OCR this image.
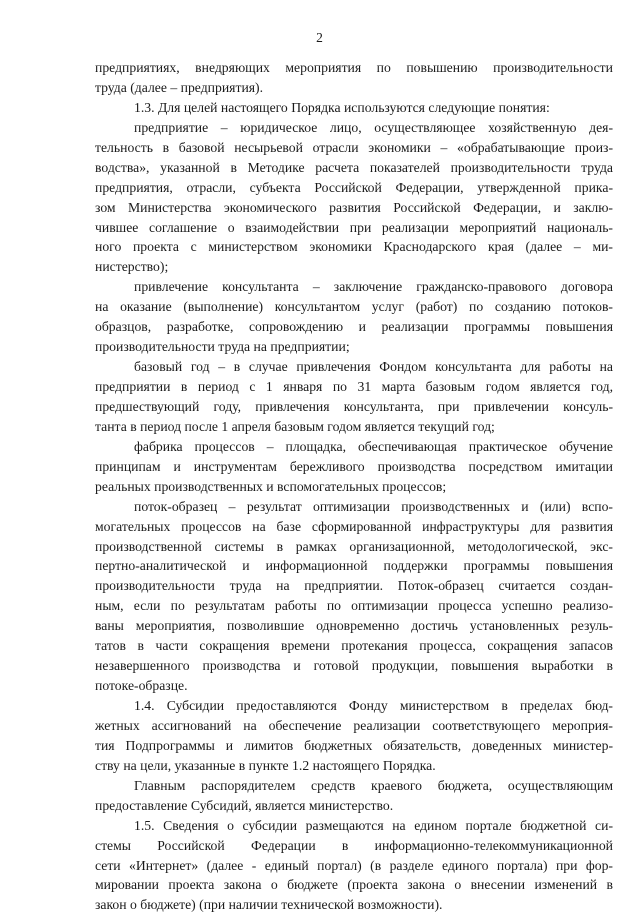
2
предприятиях, внедряющих мероприятия по повышению производительности
труда (далее – предприятия).
1.3. Для целей настоящего Порядка используются следующие понятия:
предприятие – юридическое лицо, осуществляющее хозяйственную дея-
тельность в базовой несырьевой отрасли экономики – «обрабатывающие произ-
водства», указанной в Методике расчета показателей производительности труда
предприятия, отрасли, субъекта Российской Федерации, утвержденной прика-
зом Министерства экономического развития Российской Федерации, и заклю-
чившее соглашение о взаимодействии при реализации мероприятий националь-
ного проекта с министерством экономики Краснодарского края (далее – ми-
нистерство);
привлечение консультанта – заключение гражданско-правового договора
на оказание (выполнение) консультантом услуг (работ) по созданию потоков-
образцов, разработке, сопровождению и реализации программы повышения
производительности труда на предприятии;
базовый год – в случае привлечения Фондом консультанта для работы на
предприятии в период с 1 января по 31 марта базовым годом является год,
предшествующий году, привлечения консультанта, при привлечении консуль-
танта в период после 1 апреля базовым годом является текущий год;
фабрика процессов – площадка, обеспечивающая практическое обучение
принципам и инструментам бережливого производства посредством имитации
реальных производственных и вспомогательных процессов;
поток-образец – результат оптимизации производственных и (или) вспо-
могательных процессов на базе сформированной инфраструктуры для развития
производственной системы в рамках организационной, методологической, экс-
пертно-аналитической и информационной поддержки программы повышения
производительности труда на предприятии. Поток-образец считается создан-
ным, если по результатам работы по оптимизации процесса успешно реализо-
ваны мероприятия, позволившие одновременно достичь установленных резуль-
татов в части сокращения времени протекания процесса, сокращения запасов
незавершенного производства и готовой продукции, повышения выработки в
потоке-образце.
1.4. Субсидии предоставляются Фонду министерством в пределах бюд-
жетных ассигнований на обеспечение реализации соответствующего мероприя-
тия Подпрограммы и лимитов бюджетных обязательств, доведенных министер-
ству на цели, указанные в пункте 1.2 настоящего Порядка.
Главным распорядителем средств краевого бюджета, осуществляющим
предоставление Субсидий, является министерство.
1.5. Сведения о субсидии размещаются на едином портале бюджетной си-
стемы Российской Федерации в информационно-телекоммуникационной
сети «Интернет» (далее - единый портал) (в разделе единого портала) при фор-
мировании проекта закона о бюджете (проекта закона о внесении изменений в
закон о бюджете) (при наличии технической возможности).
